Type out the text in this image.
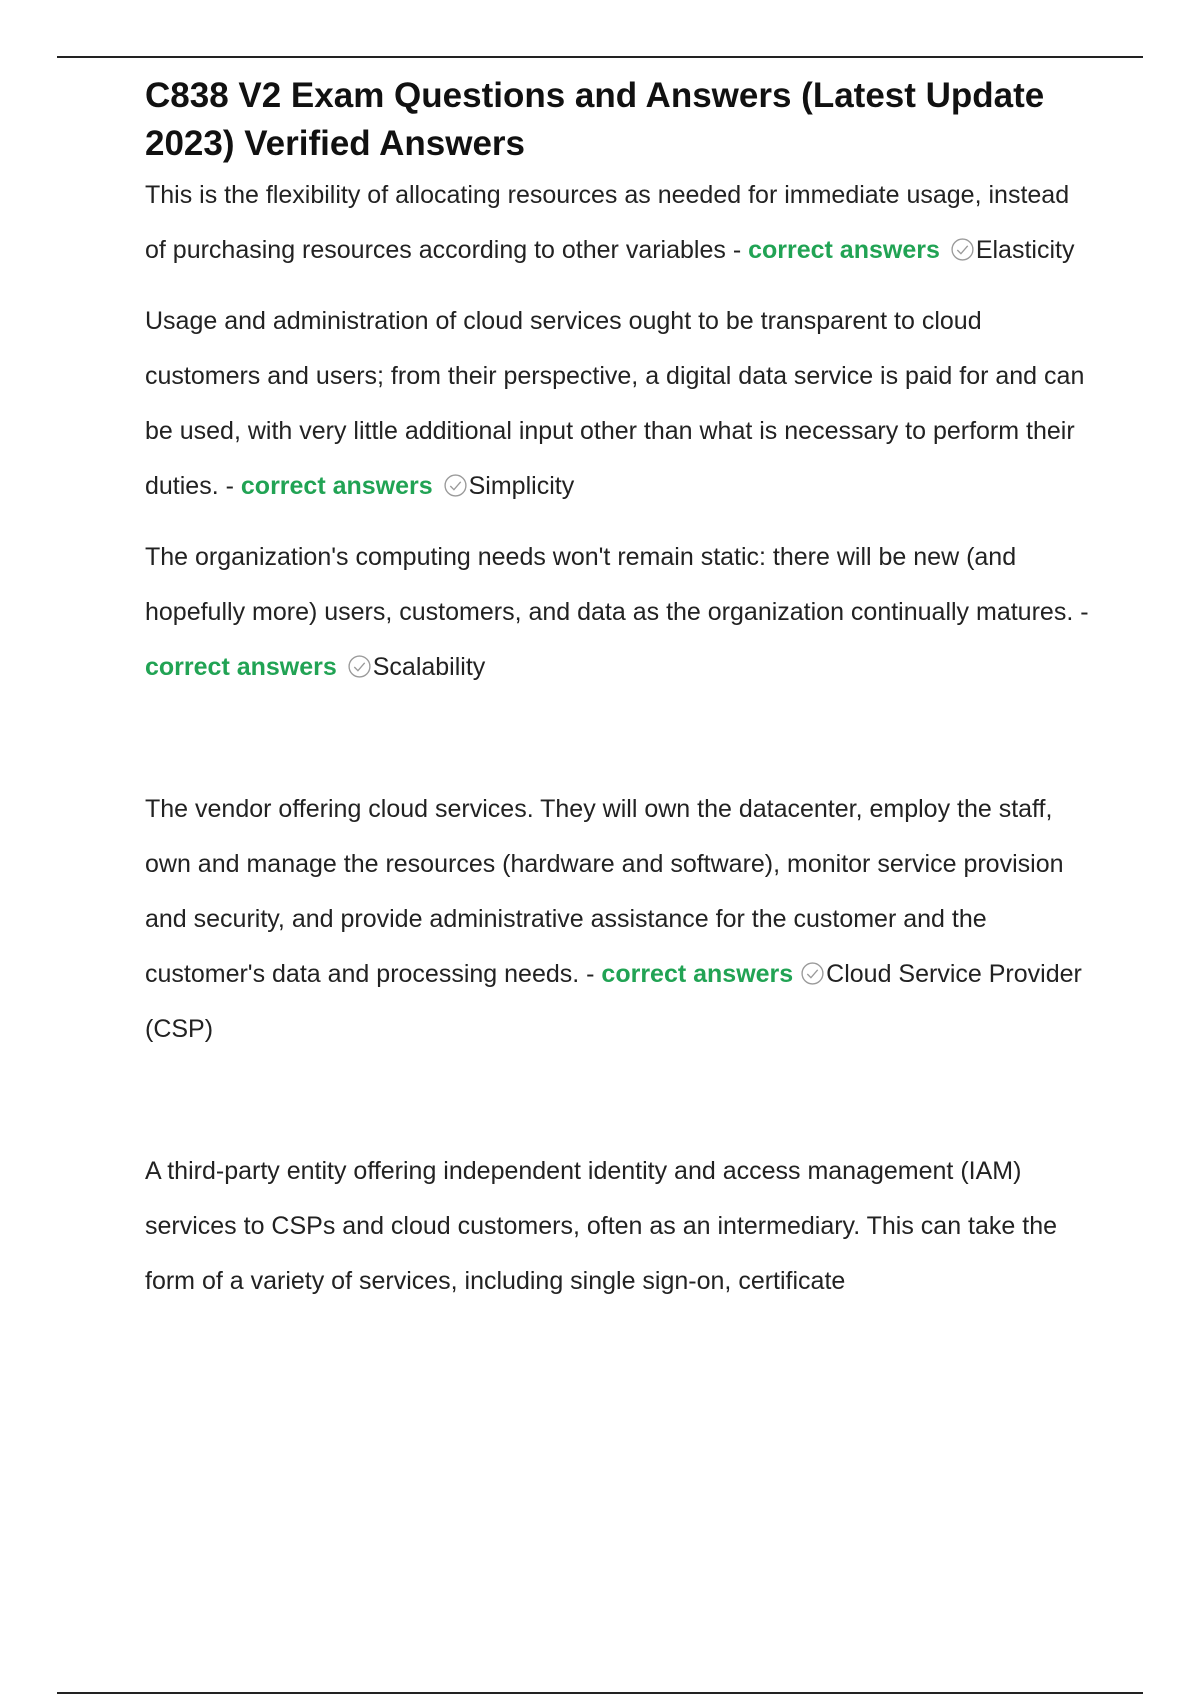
C838 V2 Exam Questions and Answers (Latest Update 2023) Verified Answers

This is the flexibility of allocating resources as needed for immediate usage, instead of purchasing resources according to other variables - correct answers Elasticity

Usage and administration of cloud services ought to be transparent to cloud customers and users; from their perspective, a digital data service is paid for and can be used, with very little additional input other than what is necessary to perform their duties. - correct answers Simplicity

The organization's computing needs won't remain static: there will be new (and hopefully more) users, customers, and data as the organization continually matures. - correct answers Scalability

The vendor offering cloud services. They will own the datacenter, employ the staff, own and manage the resources (hardware and software), monitor service provision and security, and provide administrative assistance for the customer and the customer's data and processing needs. - correct answers Cloud Service Provider (CSP)

A third-party entity offering independent identity and access management (IAM) services to CSPs and cloud customers, often as an intermediary. This can take the form of a variety of services, including single sign-on, certificate
